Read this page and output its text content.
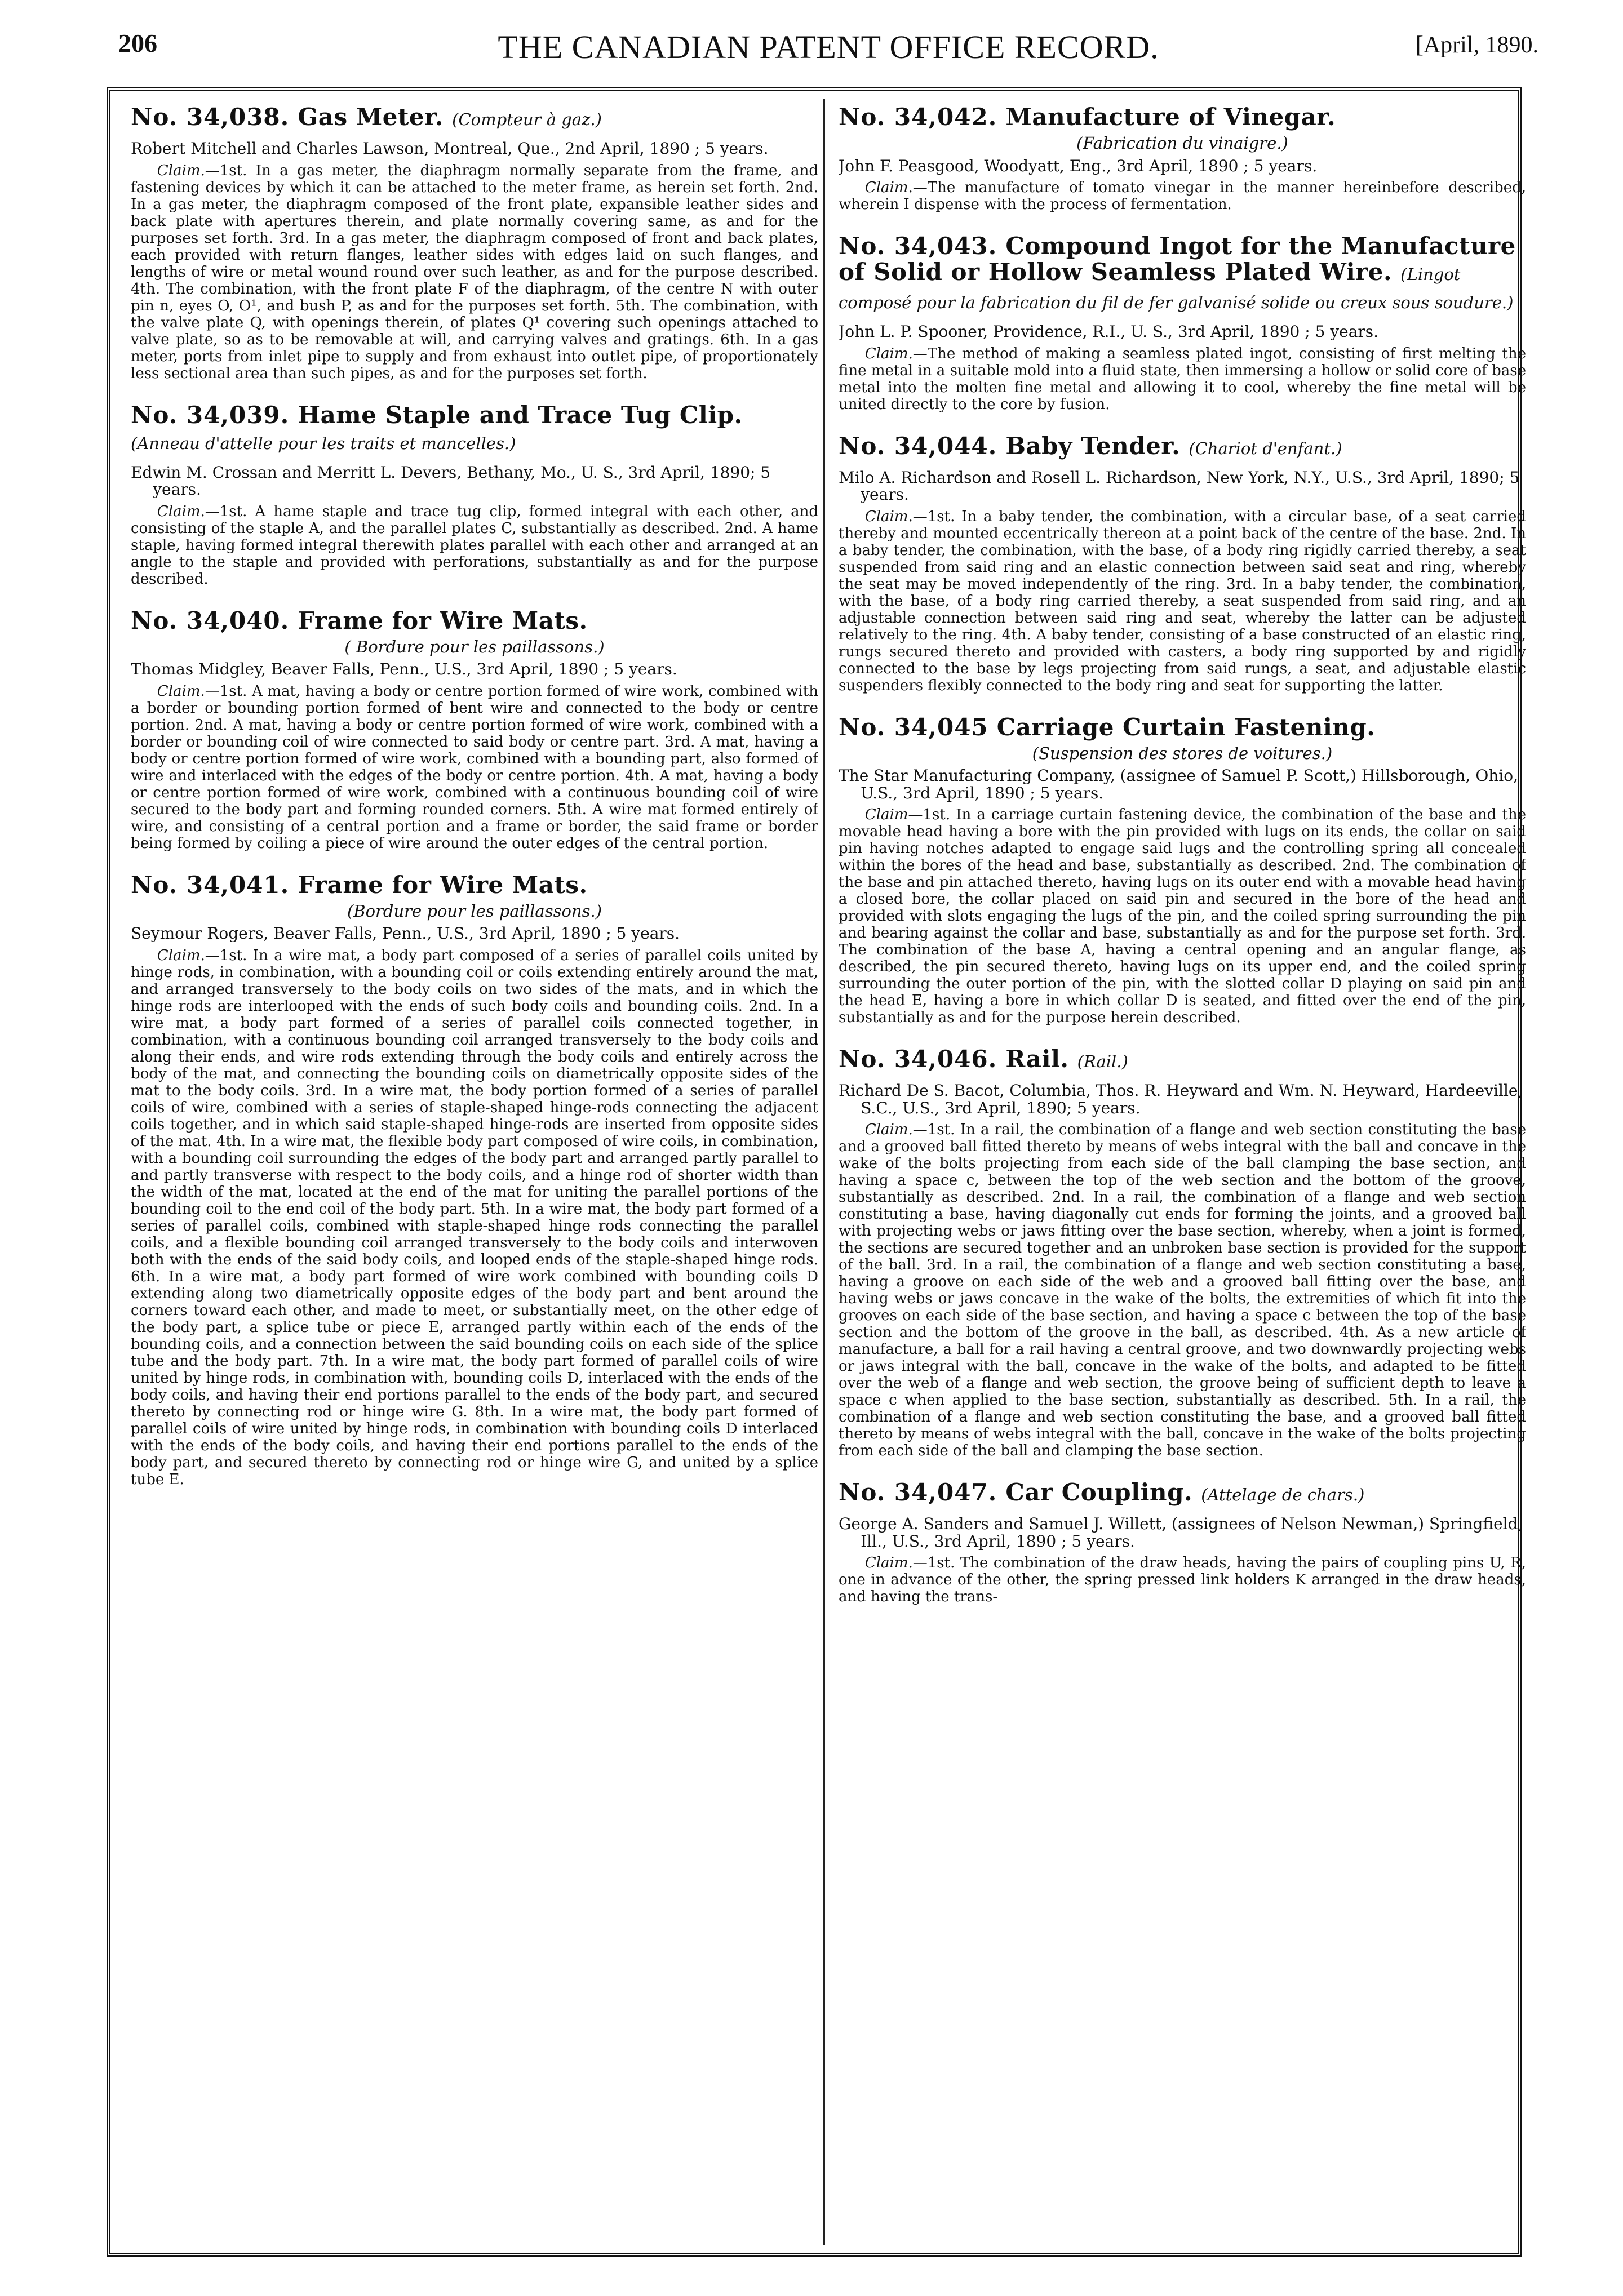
206	THE CANADIAN PATENT OFFICE RECORD.	[April, 1890.
No. 34,038. Gas Meter. (Compteur à gaz.)

Robert Mitchell and Charles Lawson, Montreal, Que., 2nd April, 1890 ; 5 years.

Claim.—1st. In a gas meter, the diaphragm normally separate from the frame, and fastening devices by which it can be attached to the meter frame, as herein set forth. 2nd. In a gas meter, the diaphragm composed of the front plate, expansible leather sides and back plate with apertures therein, and plate normally covering same, as and for the purposes set forth. 3rd. In a gas meter, the diaphragm composed of front and back plates, each provided with return flanges, leather sides with edges laid on such flanges, and lengths of wire or metal wound round over such leather, as and for the purpose described. 4th. The combination, with the front plate F of the diaphragm, of the centre N with outer pin n, eyes O, O¹, and bush P, as and for the purposes set forth. 5th. The combination, with the valve plate Q, with openings therein, of plates Q¹ covering such openings attached to valve plate, so as to be removable at will, and carrying valves and gratings. 6th. In a gas meter, ports from inlet pipe to supply and from exhaust into outlet pipe, of proportionately less sectional area than such pipes, as and for the purposes set forth.

No. 34,039. Hame Staple and Trace Tug Clip. (Anneau d'attelle pour les traits et mancelles.)

Edwin M. Crossan and Merritt L. Devers, Bethany, Mo., U. S., 3rd April, 1890; 5 years.

Claim.—1st. A hame staple and trace tug clip, formed integral with each other, and consisting of the staple A, and the parallel plates C, substantially as described. 2nd. A hame staple, having formed integral therewith plates parallel with each other and arranged at an angle to the staple and provided with perforations, substantially as and for the purpose described.

No. 34,040. Frame for Wire Mats.
( Bordure pour les paillassons.)

Thomas Midgley, Beaver Falls, Penn., U.S., 3rd April, 1890 ; 5 years.

Claim.—1st. A mat, having a body or centre portion formed of wire work, combined with a border or bounding portion formed of bent wire and connected to the body or centre portion. 2nd. A mat, having a body or centre portion formed of wire work, combined with a border or bounding coil of wire connected to said body or centre part. 3rd. A mat, having a body or centre portion formed of wire work, combined with a bounding part, also formed of wire and interlaced with the edges of the body or centre portion. 4th. A mat, having a body or centre portion formed of wire work, combined with a continuous bounding coil of wire secured to the body part and forming rounded corners. 5th. A wire mat formed entirely of wire, and consisting of a central portion and a frame or border, the said frame or border being formed by coiling a piece of wire around the outer edges of the central portion.

No. 34,041. Frame for Wire Mats.
(Bordure pour les paillassons.)

Seymour Rogers, Beaver Falls, Penn., U.S., 3rd April, 1890 ; 5 years.

Claim.—1st. In a wire mat, a body part composed of a series of parallel coils united by hinge rods, in combination, with a bounding coil or coils extending entirely around the mat, and arranged transversely to the body coils on two sides of the mats, and in which the hinge rods are interlooped with the ends of such body coils and bounding coils. 2nd. In a wire mat, a body part formed of a series of parallel coils connected together, in combination, with a continuous bounding coil arranged transversely to the body coils and along their ends, and wire rods extending through the body coils and entirely across the body of the mat, and connecting the bounding coils on diametrically opposite sides of the mat to the body coils. 3rd. In a wire mat, the body portion formed of a series of parallel coils of wire, combined with a series of staple-shaped hinge-rods connecting the adjacent coils together, and in which said staple-shaped hinge-rods are inserted from opposite sides of the mat. 4th. In a wire mat, the flexible body part composed of wire coils, in combination, with a bounding coil surrounding the edges of the body part and arranged partly parallel to and partly transverse with respect to the body coils, and a hinge rod of shorter width than the width of the mat, located at the end of the mat for uniting the parallel portions of the bounding coil to the end coil of the body part. 5th. In a wire mat, the body part formed of a series of parallel coils, combined with staple-shaped hinge rods connecting the parallel coils, and a flexible bounding coil arranged transversely to the body coils and interwoven both with the ends of the said body coils, and looped ends of the staple-shaped hinge rods. 6th. In a wire mat, a body part formed of wire work combined with bounding coils D extending along two diametrically opposite edges of the body part and bent around the corners toward each other, and made to meet, or substantially meet, on the other edge of the body part, a splice tube or piece E, arranged partly within each of the ends of the bounding coils, and a connection between the said bounding coils on each side of the splice tube and the body part. 7th. In a wire mat, the body part formed of parallel coils of wire united by hinge rods, in combination with, bounding coils D, interlaced with the ends of the body coils, and having their end portions parallel to the ends of the body part, and secured thereto by connecting rod or hinge wire G. 8th. In a wire mat, the body part formed of parallel coils of wire united by hinge rods, in combination with bounding coils D interlaced with the ends of the body coils, and having their end portions parallel to the ends of the body part, and secured thereto by connecting rod or hinge wire G, and united by a splice tube E.

No. 34,042. Manufacture of Vinegar.
(Fabrication du vinaigre.)

John F. Peasgood, Woodyatt, Eng., 3rd April, 1890 ; 5 years.

Claim.—The manufacture of tomato vinegar in the manner hereinbefore described, wherein I dispense with the process of fermentation.

No. 34,043. Compound Ingot for the Manufacture of Solid or Hollow Seamless Plated Wire. (Lingot composé pour la fabrication du fil de fer galvanisé solide ou creux sous soudure.)

John L. P. Spooner, Providence, R.I., U. S., 3rd April, 1890 ; 5 years.

Claim.—The method of making a seamless plated ingot, consisting of first melting the fine metal in a suitable mold into a fluid state, then immersing a hollow or solid core of base metal into the molten fine metal and allowing it to cool, whereby the fine metal will be united directly to the core by fusion.

No. 34,044. Baby Tender. (Chariot d'enfant.)

Milo A. Richardson and Rosell L. Richardson, New York, N.Y., U.S., 3rd April, 1890; 5 years.

Claim.—1st. In a baby tender, the combination, with a circular base, of a seat carried thereby and mounted eccentrically thereon at a point back of the centre of the base. 2nd. In a baby tender, the combination, with the base, of a body ring rigidly carried thereby, a seat suspended from said ring and an elastic connection between said seat and ring, whereby the seat may be moved independently of the ring. 3rd. In a baby tender, the combination, with the base, of a body ring carried thereby, a seat suspended from said ring, and an adjustable connection between said ring and seat, whereby the latter can be adjusted relatively to the ring. 4th. A baby tender, consisting of a base constructed of an elastic ring, rungs secured thereto and provided with casters, a body ring supported by and rigidly connected to the base by legs projecting from said rungs, a seat, and adjustable elastic suspenders flexibly connected to the body ring and seat for supporting the latter.

No. 34,045 Carriage Curtain Fastening.
(Suspension des stores de voitures.)

The Star Manufacturing Company, (assignee of Samuel P. Scott,) Hillsborough, Ohio, U.S., 3rd April, 1890 ; 5 years.

Claim—1st. In a carriage curtain fastening device, the combination of the base and the movable head having a bore with the pin provided with lugs on its ends, the collar on said pin having notches adapted to engage said lugs and the controlling spring all concealed within the bores of the head and base, substantially as described. 2nd. The combination of the base and pin attached thereto, having lugs on its outer end with a movable head having a closed bore, the collar placed on said pin and secured in the bore of the head and provided with slots engaging the lugs of the pin, and the coiled spring surrounding the pin and bearing against the collar and base, substantially as and for the purpose set forth. 3rd. The combination of the base A, having a central opening and an angular flange, as described, the pin secured thereto, having lugs on its upper end, and the coiled spring surrounding the outer portion of the pin, with the slotted collar D playing on said pin and the head E, having a bore in which collar D is seated, and fitted over the end of the pin, substantially as and for the purpose herein described.

No. 34,046. Rail. (Rail.)

Richard De S. Bacot, Columbia, Thos. R. Heyward and Wm. N. Heyward, Hardeeville, S.C., U.S., 3rd April, 1890; 5 years.

Claim.—1st. In a rail, the combination of a flange and web section constituting the base and a grooved ball fitted thereto by means of webs integral with the ball and concave in the wake of the bolts projecting from each side of the ball clamping the base section, and having a space c, between the top of the web section and the bottom of the groove, substantially as described. 2nd. In a rail, the combination of a flange and web section constituting a base, having diagonally cut ends for forming the joints, and a grooved ball with projecting webs or jaws fitting over the base section, whereby, when a joint is formed, the sections are secured together and an unbroken base section is provided for the support of the ball. 3rd. In a rail, the combination of a flange and web section constituting a base, having a groove on each side of the web and a grooved ball fitting over the base, and having webs or jaws concave in the wake of the bolts, the extremities of which fit into the grooves on each side of the base section, and having a space c between the top of the base section and the bottom of the groove in the ball, as described. 4th. As a new article of manufacture, a ball for a rail having a central groove, and two downwardly projecting webs or jaws integral with the ball, concave in the wake of the bolts, and adapted to be fitted over the web of a flange and web section, the groove being of sufficient depth to leave a space c when applied to the base section, substantially as described. 5th. In a rail, the combination of a flange and web section constituting the base, and a grooved ball fitted thereto by means of webs integral with the ball, concave in the wake of the bolts projecting from each side of the ball and clamping the base section.

No. 34,047. Car Coupling. (Attelage de chars.)

George A. Sanders and Samuel J. Willett, (assignees of Nelson Newman,) Springfield, Ill., U.S., 3rd April, 1890 ; 5 years.

Claim.—1st. The combination of the draw heads, having the pairs of coupling pins U, R, one in advance of the other, the spring pressed link holders K arranged in the draw heads, and having the trans-
